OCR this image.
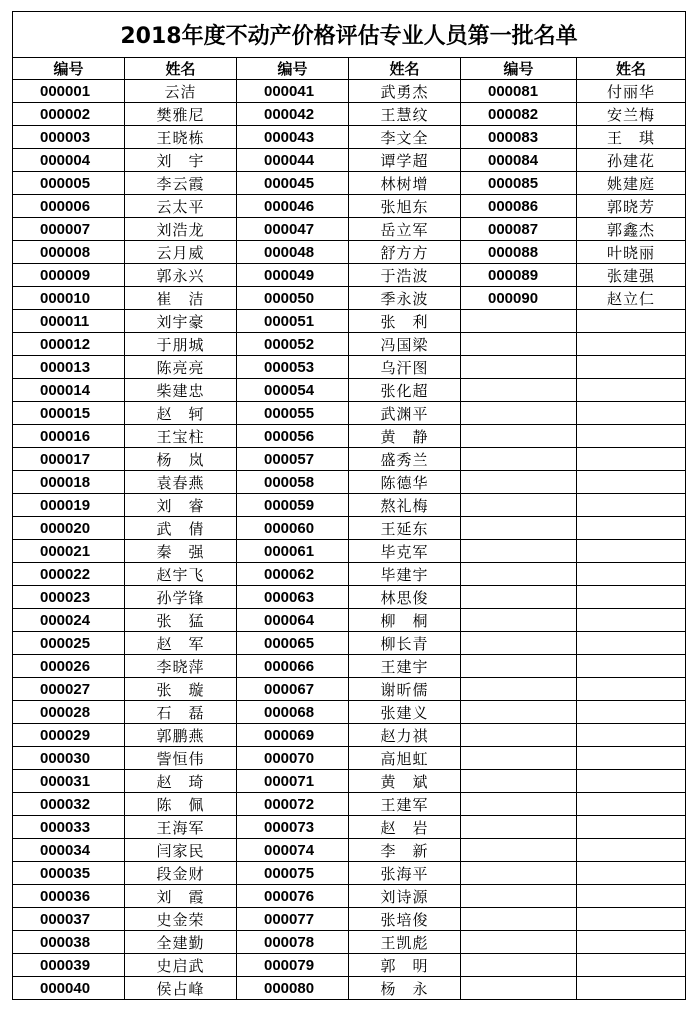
2018年度不动产价格评估专业人员第一批名单					
编号	姓名	编号	姓名	编号	姓名
000001	云洁	000041	武勇杰	000081	付丽华
000002	樊雅尼	000042	王慧纹	000082	安兰梅
000003	王晓栋	000043	李文全	000083	王　琪
000004	刘　宇	000044	谭学超	000084	孙建花
000005	李云霞	000045	林树增	000085	姚建庭
000006	云太平	000046	张旭东	000086	郭晓芳
000007	刘浩龙	000047	岳立军	000087	郭鑫杰
000008	云月威	000048	舒方方	000088	叶晓丽
000009	郭永兴	000049	于浩波	000089	张建强
000010	崔　洁	000050	季永波	000090	赵立仁
000011	刘宇豪	000051	张　利		
000012	于朋城	000052	冯国梁		
000013	陈亮亮	000053	乌汗图		
000014	柴建忠	000054	张化超		
000015	赵　轲	000055	武渊平		
000016	王宝柱	000056	黄　静		
000017	杨　岚	000057	盛秀兰		
000018	袁春燕	000058	陈德华		
000019	刘　睿	000059	熬礼梅		
000020	武　倩	000060	王延东		
000021	秦　强	000061	毕克军		
000022	赵宇飞	000062	毕建宇		
000023	孙学锋	000063	林思俊		
000024	张　猛	000064	柳　桐		
000025	赵　军	000065	柳长青		
000026	李晓萍	000066	王建宇		
000027	张　璇	000067	谢昕儒		
000028	石　磊	000068	张建义		
000029	郭鹏燕	000069	赵力祺		
000030	訾恒伟	000070	高旭虹		
000031	赵　琦	000071	黄　斌		
000032	陈　佩	000072	王建军		
000033	王海军	000073	赵　岩		
000034	闫家民	000074	李　新		
000035	段金财	000075	张海平		
000036	刘　霞	000076	刘诗源		
000037	史金荣	000077	张培俊		
000038	全建勤	000078	王凯彪		
000039	史启武	000079	郭　明		
000040	侯占峰	000080	杨　永		
